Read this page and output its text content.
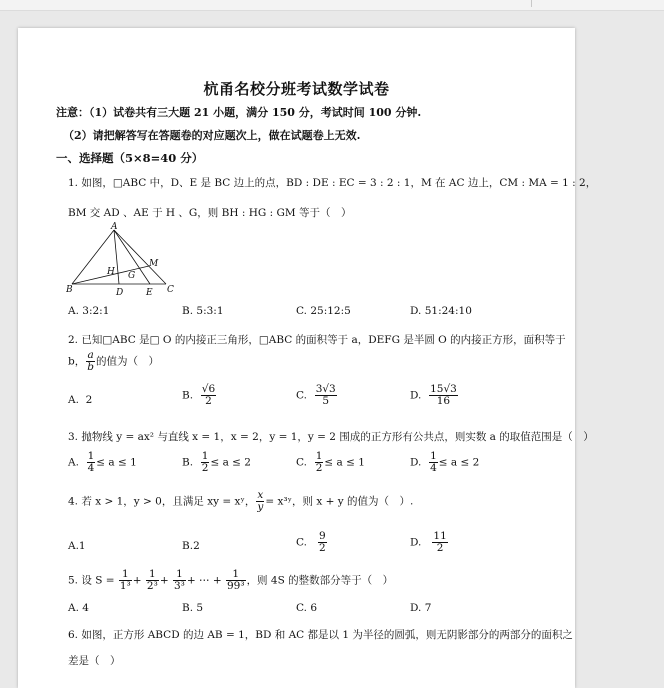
杭甬名校分班考试数学试卷
注意：（1）试卷共有三大题 21 小题，满分 150 分，考试时间 100 分钟.
（2）请把解答写在答题卷的对应题次上，做在试题卷上无效.
一、选择题（5×8=40 分）
1. 如图，□ABC 中，D、E 是 BC 边上的点，BD : DE : EC = 3 : 2 : 1，M 在 AC 边上，CM : MA = 1 : 2，
BM 交 AD 、AE 于 H 、G，则 BH : HG : GM 等于（　）
A
B	C
D	E
H G
M
A. 3:2:1	B. 5:3:1	C. 25:12:5	D. 51:24:10
2. 已知□ABC 是□ O 的内接正三角形，□ABC 的面积等于 a，DEFG 是半圆 O 的内接正方形，面积等于
b， $\frac{a}{b}$ 的值为（　）
A. 2	B. $\frac{√6}{2}$	C. $\frac{3√3}{5}$	D. $\frac{15√3}{16}$
3. 抛物线 y = ax² 与直线 x = 1，x = 2，y = 1，y = 2 围成的正方形有公共点，则实数 a 的取值范围是（　）
A. $\frac{1}{4} \le a \le 1$	B. $\frac{1}{2} \le a \le 2$	C. $\frac{1}{2} \le a \le 1$	D. $\frac{1}{4} \le a \le 2$
4. 若 x > 1，y > 0，且满足 xy = xʸ， $\frac{x}{y}$ = x³ʸ，则 x + y 的值为（　）.
A.1	B.2	C. $\frac{9}{2}$	D. $\frac{11}{2}$
5. 设 $S = \frac{1}{\text{1³}} + \frac{1}{\text{2³}} + \frac{1}{\text{3³}}$ + ⋯ + $\frac{1}{\text{99³}}$ ，则 4S 的整数部分等于（　）
A. 4	B. 5	C. 6	D. 7
6. 如图，正方形 ABCD 的边 AB = 1，BD 和 AC 都是以 1 为半径的圆弧，则无阴影部分的两部分的面积之
差是（　）
